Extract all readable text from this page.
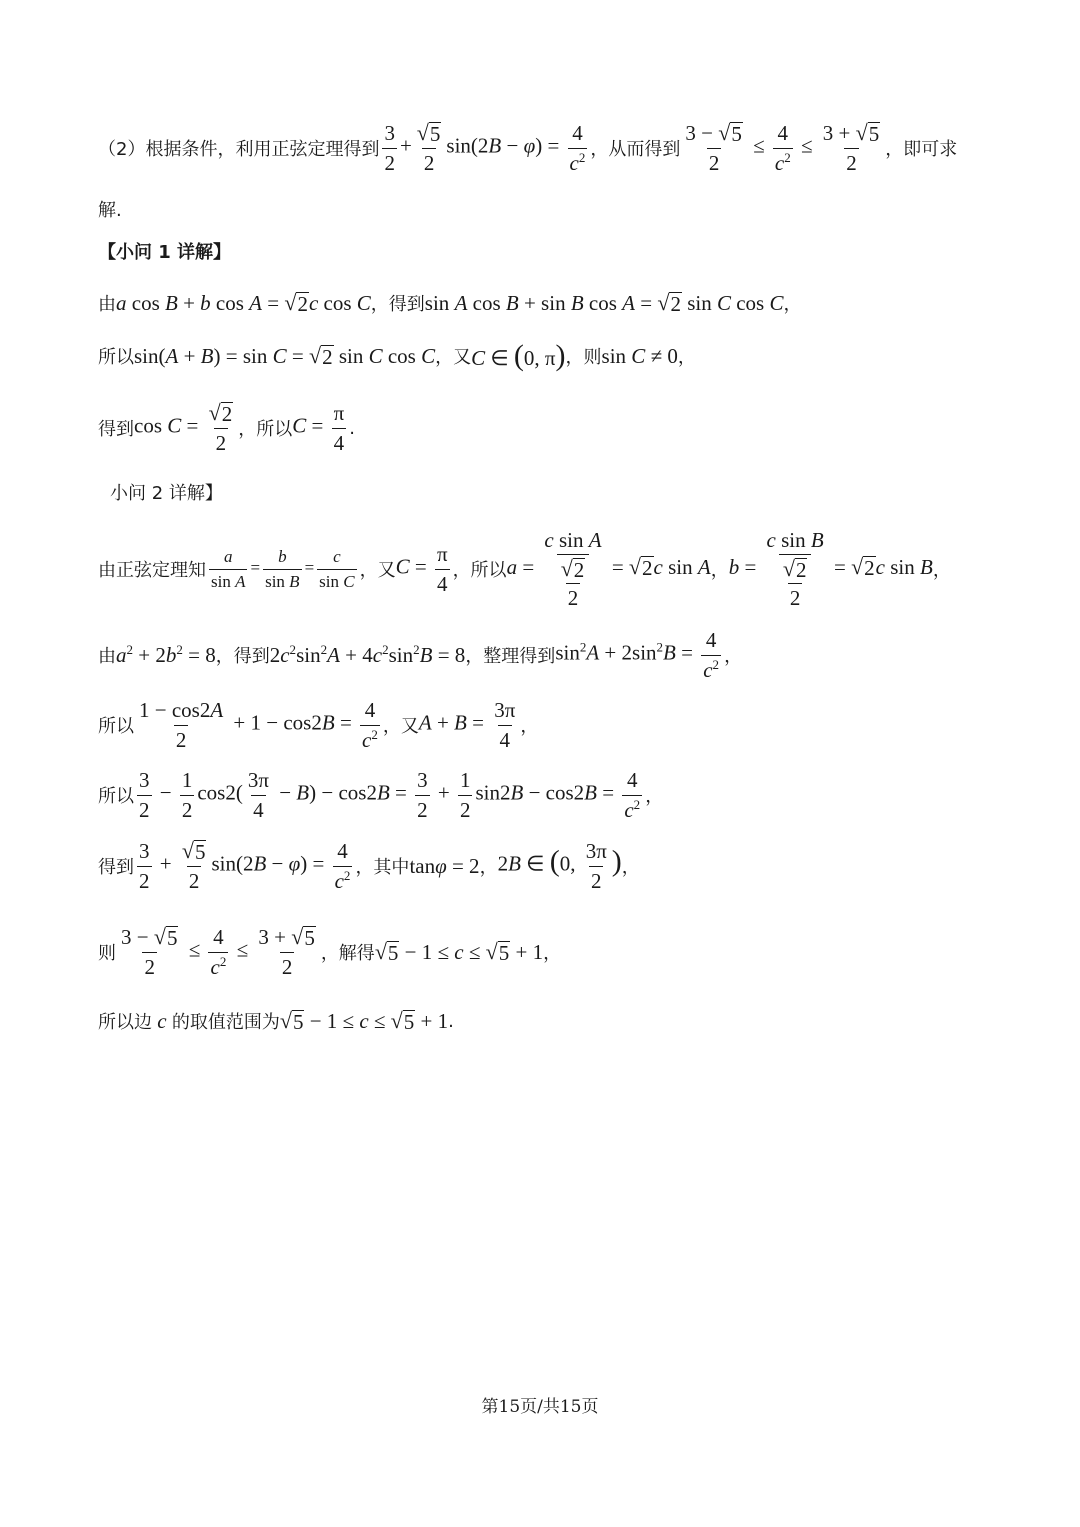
（2）根据条件，利用正弦定理得到 $\frac{3}{2} + \frac{√ 5}{2} \sin(2B - \varphi) = \frac{4}{c^2}$ ，从而得到 $\frac{3 - √ 5}{2} \le \frac{4}{c^2} \le \frac{3 + √ 5}{2}$ ，即可求
解.
【小问 1 详解】
由 a cos B + b cos A = √ 2 c cos C ，得到 sin A cos B + sin B cos A = √ 2 sin C cos C ，
所以 sin(A + B) = sin C = √ 2 sin C cos C ，又 C ∈ (0, π) ，则 sin C ≠ 0 ，
得到 $\cos C = \frac{√ 2}{2}$ ，所以 $C = \frac{\pi}{4}$ .
小问 2 详解】
由正弦定理知 $\frac{a}{\text{sin A}} = \frac{b}{\text{sin B}} = \frac{c}{\text{sin C}}$ ，又 $C = \frac{\pi}{4}$ ，所以 $a = \frac{\text{c sin A}}{\frac{√ 2}{2}}$ = √ 2 c sin A ， $b = \frac{\text{c sin B}}{\frac{√ 2}{2}}$ = √ 2 c sin B ，
由 $a^2 + 2b^2 = 8$ ，得到 $2c^2\sin^2A + 4c^2\sin^2B = 8$ ，整理得到 $\sin^2A + 2\sin^2B = \frac{4}{c^2}$ ，
所以 $\frac{1 - \cos 2A}{2} + 1 - \cos 2B = \frac{4}{c^2}$ ，又 $A + B = \frac{3\pi}{4}$ ，
所以 $\frac{3}{2} - \frac{1}{2} \cos 2( \frac{3\pi}{4} - B) - \cos 2B = \frac{3}{2} + \frac{1}{2} \sin 2B - \cos 2B = \frac{4}{c^2}$ ，
得到 $\frac{3}{2} + \frac{√ 5}{2} \sin(2B - \varphi) = \frac{4}{c^2}$ ，其中 tanφ = 2 ， 2B ∈ (0, $\frac{3\pi}{2}$ ) ，
则 $\frac{3 - √ 5}{2} \le \frac{4}{c^2} \le \frac{3 + √ 5}{2}$ ，解得 √ 5 − 1 ≤ c ≤ √ 5 + 1 ，
所以边 c 的取值范围为 √ 5 − 1 ≤ c ≤ √ 5 + 1 .
第15页/共15页
